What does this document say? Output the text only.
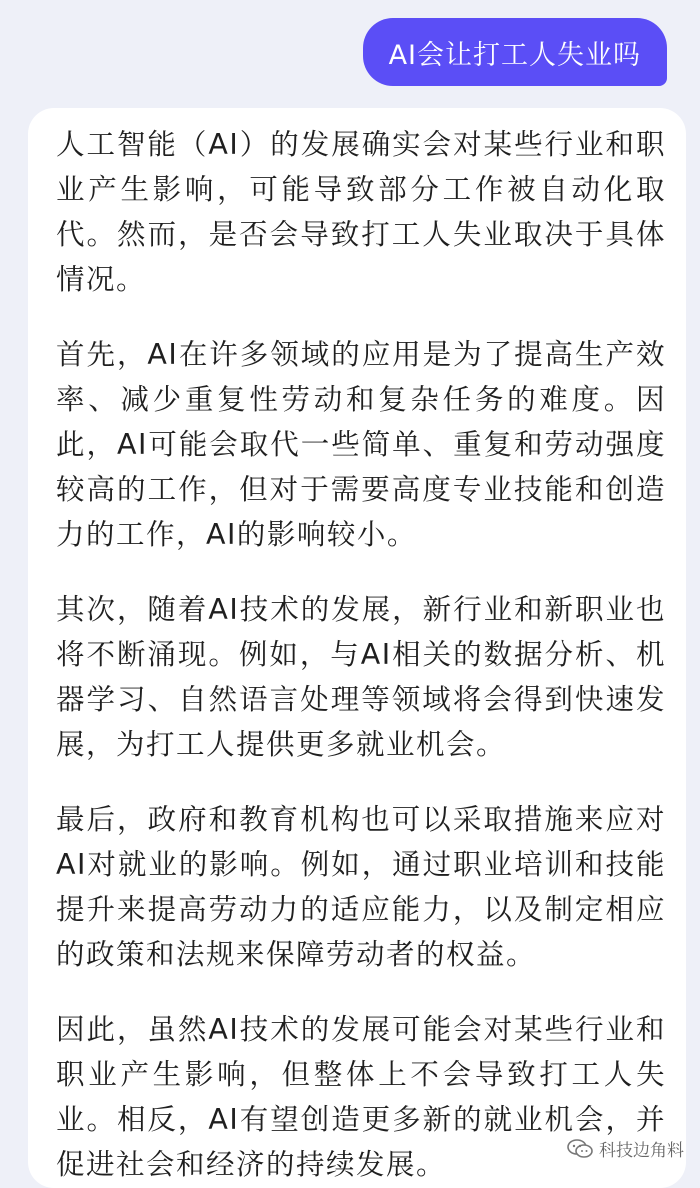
AI会让打工人失业吗

人工智能（AI）的发展确实会对某些行业和职业产生影响，可能导致部分工作被自动化取代。然而，是否会导致打工人失业取决于具体情况。

首先，AI在许多领域的应用是为了提高生产效率、减少重复性劳动和复杂任务的难度。因此，AI可能会取代一些简单、重复和劳动强度较高的工作，但对于需要高度专业技能和创造力的工作，AI的影响较小。

其次，随着AI技术的发展，新行业和新职业也将不断涌现。例如，与AI相关的数据分析、机器学习、自然语言处理等领域将会得到快速发展，为打工人提供更多就业机会。

最后，政府和教育机构也可以采取措施来应对AI对就业的影响。例如，通过职业培训和技能提升来提高劳动力的适应能力，以及制定相应的政策和法规来保障劳动者的权益。

因此，虽然AI技术的发展可能会对某些行业和职业产生影响，但整体上不会导致打工人失业。相反，AI有望创造更多新的就业机会，并促进社会和经济的持续发展。	科技边角料
